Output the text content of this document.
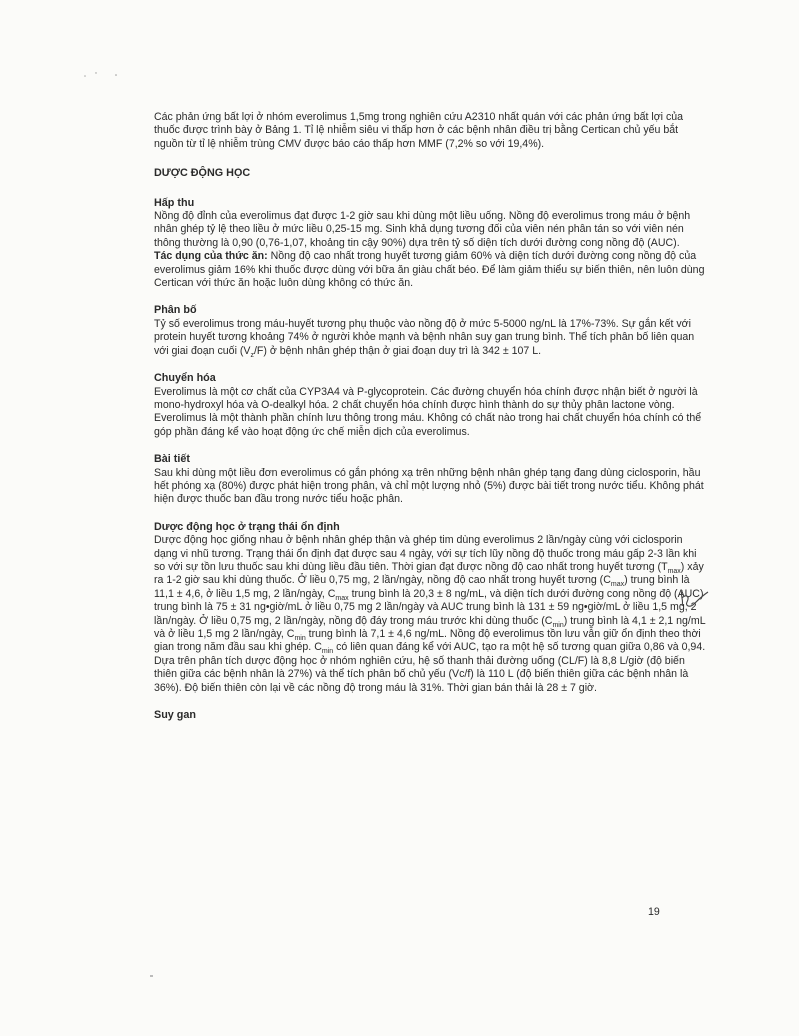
Các phản ứng bất lợi ở nhóm everolimus 1,5mg trong nghiên cứu A2310 nhất quán với các phản ứng bất lợi của thuốc được trình bày ở Bảng 1. Tỉ lệ nhiễm siêu vi thấp hơn ở các bệnh nhân điều trị bằng Certican chủ yếu bắt nguồn từ tỉ lệ nhiễm trùng CMV được báo cáo thấp hơn MMF (7,2% so với 19,4%).

DƯỢC ĐỘNG HỌC
Hấp thu

Nồng độ đỉnh của everolimus đạt được 1-2 giờ sau khi dùng một liều uống. Nồng độ everolimus trong máu ở bệnh nhân ghép tỷ lệ theo liều ở mức liều 0,25-15 mg. Sinh khả dụng tương đối của viên nén phân tán so với viên nén thông thường là 0,90 (0,76-1,07, khoảng tin cậy 90%) dựa trên tỷ số diện tích dưới đường cong nồng độ (AUC).

Tác dụng của thức ăn: Nồng độ cao nhất trong huyết tương giảm 60% và diện tích dưới đường cong nồng độ của everolimus giảm 16% khi thuốc được dùng với bữa ăn giàu chất béo. Để làm giảm thiểu sự biến thiên, nên luôn dùng Certican với thức ăn hoặc luôn dùng không có thức ăn.

Phân bố

Tỷ số everolimus trong máu-huyết tương phụ thuộc vào nồng độ ở mức 5-5000 ng/nL là 17%-73%. Sự gắn kết với protein huyết tương khoảng 74% ở người khỏe mạnh và bệnh nhân suy gan trung bình. Thể tích phân bố liên quan với giai đoạn cuối $(V_z/F)$ ở bệnh nhân ghép thận ở giai đoạn duy trì là 342 ± 107 L.

Chuyển hóa

Everolimus là một cơ chất của CYP3A4 và P-glycoprotein. Các đường chuyển hóa chính được nhận biết ở người là mono-hydroxyl hóa và O-dealkyl hóa. 2 chất chuyển hóa chính được hình thành do sự thủy phân lactone vòng. Everolimus là một thành phần chính lưu thông trong máu. Không có chất nào trong hai chất chuyển hóa chính có thể góp phần đáng kể vào hoạt động ức chế miễn dịch của everolimus.

Bài tiết

Sau khi dùng một liều đơn everolimus có gắn phóng xạ trên những bệnh nhân ghép tạng đang dùng ciclosporin, hầu hết phóng xạ (80%) được phát hiện trong phân, và chỉ một lượng nhỏ (5%) được bài tiết trong nước tiểu. Không phát hiện được thuốc ban đầu trong nước tiểu hoặc phân.

Dược động học ở trạng thái ổn định

Dược động học giống nhau ở bệnh nhân ghép thận và ghép tim dùng everolimus 2 lần/ngày cùng với ciclosporin dạng vi nhũ tương. Trạng thái ổn định đạt được sau 4 ngày, với sự tích lũy nồng độ thuốc trong máu gấp 2-3 lần khi so với sự tồn lưu thuốc sau khi dùng liều đầu tiên. Thời gian đạt được nồng độ cao nhất trong huyết tương $(T_{max})$ xảy ra 1-2 giờ sau khi dùng thuốc. Ở liều 0,75 mg, 2 lần/ngày, nồng độ cao nhất trong huyết tương $(C_{max})$ trung bình là 11,1 ± 4,6, ở liều 1,5 mg, 2 lần/ngày, $C_{max}$ trung bình là 20,3 ± 8 ng/mL, và diện tích dưới đường cong nồng độ (AUC) trung bình là 75 ± 31 ng•giờ/mL ở liều 0,75 mg 2 lần/ngày và AUC trung bình là 131 ± 59 ng•giờ/mL ở liều 1,5 mg, 2 lần/ngày. Ở liều 0,75 mg, 2 lần/ngày, nồng độ đáy trong máu trước khi dùng thuốc $(C_{min})$ trung bình là 4,1 ± 2,1 ng/mL và ở liều 1,5 mg 2 lần/ngày, $C_{min}$ trung bình là 7,1 ± 4,6 ng/mL. Nồng độ everolimus tồn lưu vẫn giữ ổn định theo thời gian trong năm đầu sau khi ghép. $C_{min}$ có liên quan đáng kể với AUC, tạo ra một hệ số tương quan giữa 0,86 và 0,94. Dựa trên phân tích dược động học ở nhóm nghiên cứu, hệ số thanh thải đường uống (CL/F) là 8,8 L/giờ (độ biến thiên giữa các bệnh nhân là 27%) và thể tích phân bố chủ yếu (Vc/f) là 110 L (độ biến thiên giữa các bệnh nhân là 36%). Độ biến thiên còn lại về các nồng độ trong máu là 31%. Thời gian bán thải là 28 ± 7 giờ.

Suy gan
19
